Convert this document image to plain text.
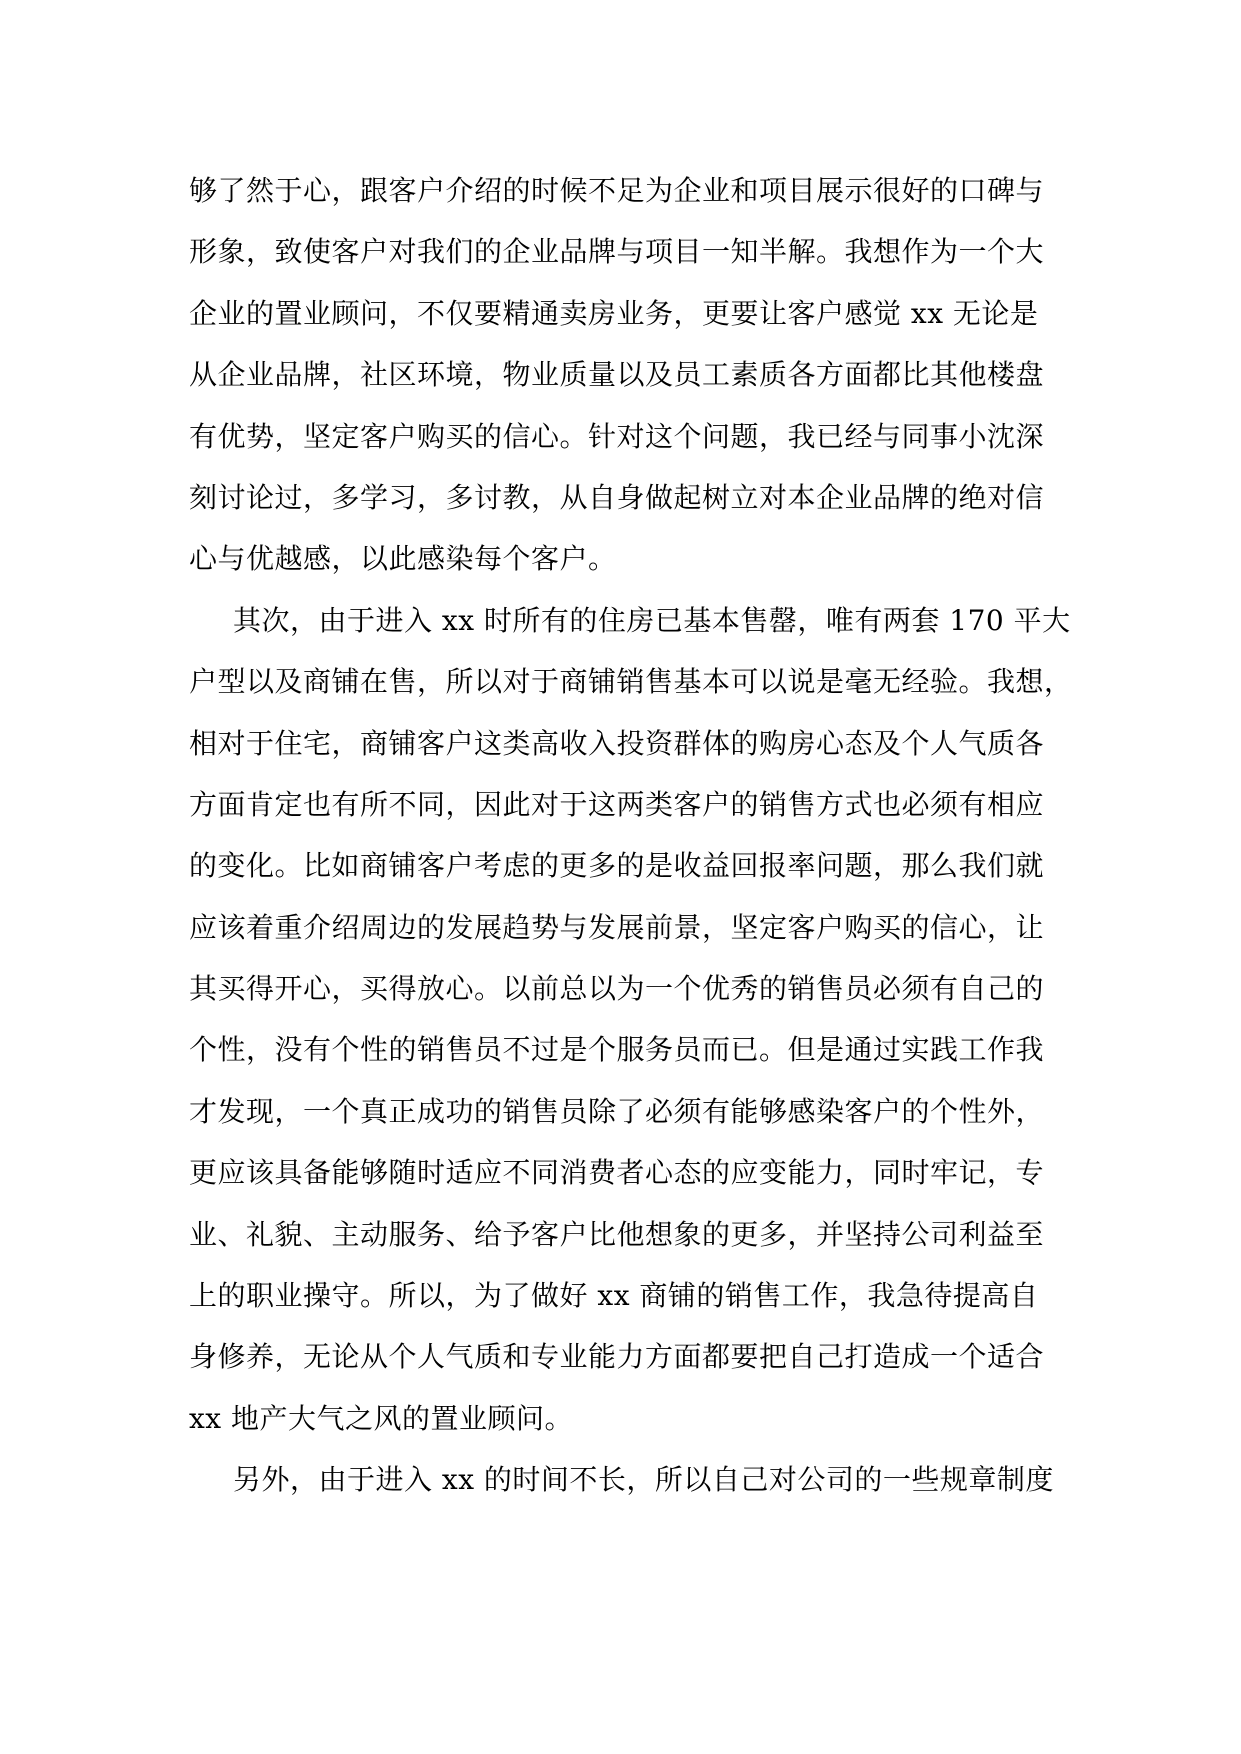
够了然于心，跟客户介绍的时候不足为企业和项目展示很好的口碑与
形象，致使客户对我们的企业品牌与项目一知半解。我想作为一个大
企业的置业顾问，不仅要精通卖房业务，更要让客户感觉 xx 无论是
从企业品牌，社区环境，物业质量以及员工素质各方面都比其他楼盘
有优势，坚定客户购买的信心。针对这个问题，我已经与同事小沈深
刻讨论过，多学习，多讨教，从自身做起树立对本企业品牌的绝对信
心与优越感，以此感染每个客户。
其次，由于进入 xx 时所有的住房已基本售罄，唯有两套 170 平大
户型以及商铺在售，所以对于商铺销售基本可以说是毫无经验。我想，
相对于住宅，商铺客户这类高收入投资群体的购房心态及个人气质各
方面肯定也有所不同，因此对于这两类客户的销售方式也必须有相应
的变化。比如商铺客户考虑的更多的是收益回报率问题，那么我们就
应该着重介绍周边的发展趋势与发展前景，坚定客户购买的信心，让
其买得开心，买得放心。以前总以为一个优秀的销售员必须有自己的
个性，没有个性的销售员不过是个服务员而已。但是通过实践工作我
才发现，一个真正成功的销售员除了必须有能够感染客户的个性外，
更应该具备能够随时适应不同消费者心态的应变能力，同时牢记，专
业、礼貌、主动服务、给予客户比他想象的更多，并坚持公司利益至
上的职业操守。所以，为了做好 xx 商铺的销售工作，我急待提高自
身修养，无论从个人气质和专业能力方面都要把自己打造成一个适合
xx 地产大气之风的置业顾问。
另外，由于进入 xx 的时间不长，所以自己对公司的一些规章制度
